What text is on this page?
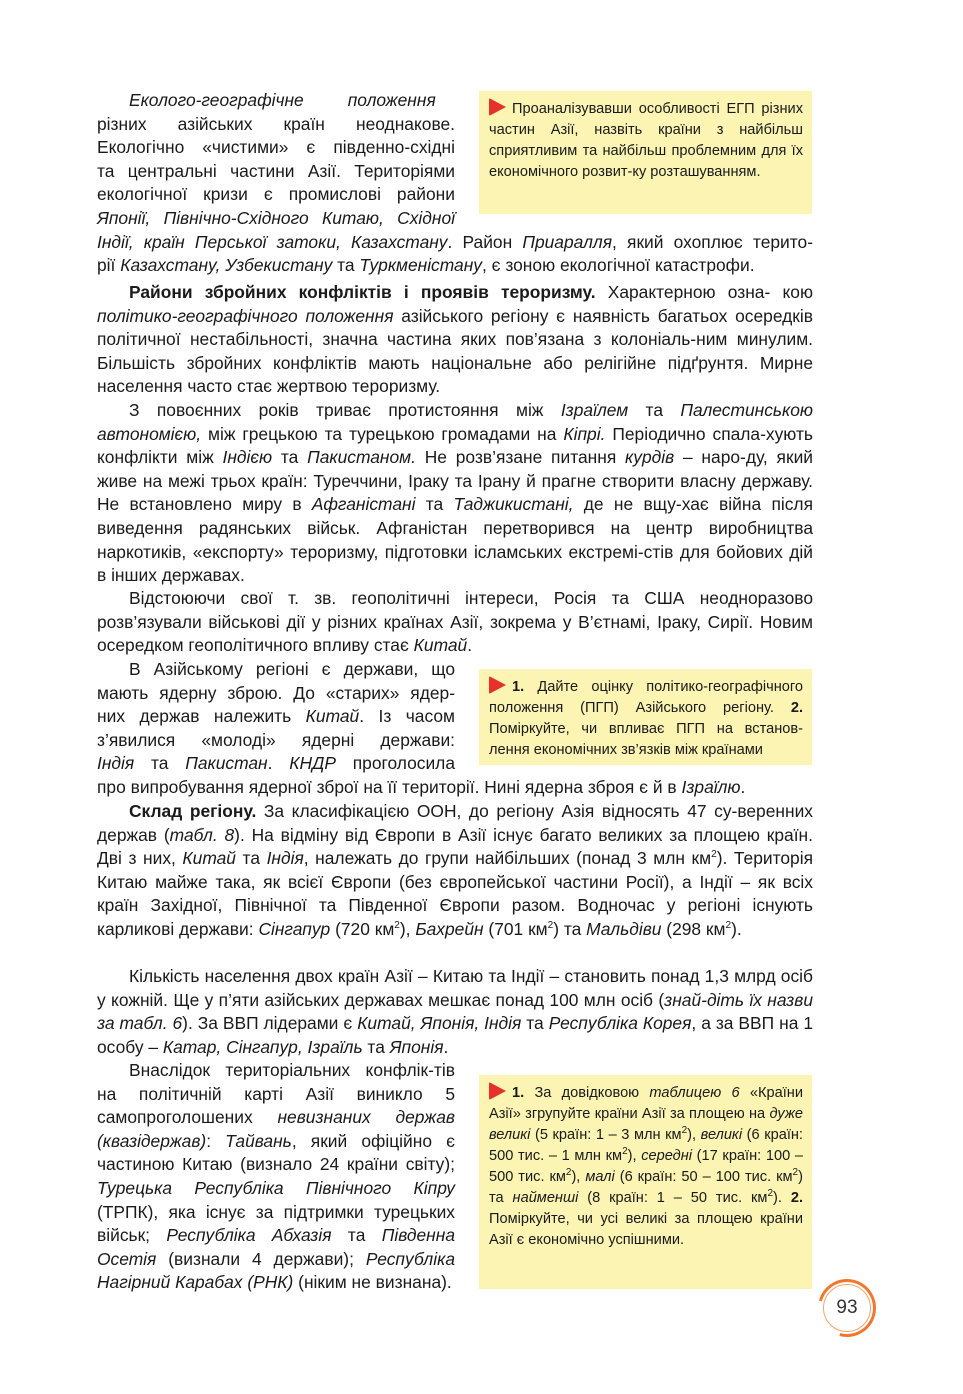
Еколого-географічне	положення

різних азійських країн неоднакове.

Екологічно «чистими» є південно-східні

та центральні частини Азії. Територіями

екологічної кризи є промислові райони

Японії, Північно-Східного Китаю, Східної

Індії, країн Перської затоки, Казахстану. Район Приаралля, який охоплює терито-

рії Казахстану, Узбекистану та Туркменістану, є зоною екологічної катастрофи.

Проаналізувавши особливості ЕГП різних частин Азії, назвіть країни з найбільш сприятливим та найбільш проблемним для їх економічного розвит-ку розташуванням.

Райони збройних конфліктів і проявів тероризму. Характерною озна- кою політико-географічного положення азійського регіону є наявність багатьох осередків політичної нестабільності, значна частина яких пов’язана з колоніаль-ним минулим. Більшість збройних конфліктів мають національне або релігійне підґрунтя. Мирне населення часто стає жертвою тероризму.

З повоєнних років триває протистояння між Ізраїлем та Палестинською автономією, між грецькою та турецькою громадами на Кіпрі. Періодично спала-хують конфлікти між Індією та Пакистаном. Не розв’язане питання курдів – наро-ду, який живе на межі трьох країн: Туреччини, Іраку та Ірану й прагне створити власну державу. Не встановлено миру в Афганістані та Таджикистані, де не вщу-хає війна після виведення радянських військ. Афганістан перетворився на центр виробництва наркотиків, «експорту» тероризму, підготовки ісламських екстремі-стів для бойових дій в інших державах.

Відстоюючи свої т. зв. геополітичні інтереси, Росія та США неодноразово розв’язували військові дії у різних країнах Азії, зокрема у В’єтнамі, Іраку, Сирії. Новим осередком геополітичного впливу стає Китай.

В Азійському регіоні є держави, що

мають ядерну зброю. До «старих» ядер-

них держав належить Китай. Із часом

з’явилися «молоді» ядерні держави:

Індія та Пакистан. КНДР проголосила

про випробування ядерної зброї на її території. Нині ядерна зброя є й в Ізраїлю.

1. Дайте оцінку політико-географічного положення (ПГП) Азійського регіону. 2. Поміркуйте, чи впливає ПГП на встанов-лення економічних зв’язків між країнами

Склад регіону. За класифікацією ООН, до регіону Азія відносять 47 су-веренних держав (табл. 8). На відміну від Європи в Азії існує багато великих за площею країн. Дві з них, Китай та Індія, належать до групи найбільших (понад 3 млн $км^2$). Територія Китаю майже така, як всієї Європи (без європейської частини Росії), а Індії – як всіх країн Західної, Північної та Південної Європи разом. Водночас у регіоні існують карликові держави: Сінгапур (720 $км^2$), Бахрейн (701 $км^2$) та Мальдіви (298 $км^2$).

Кількість населення двох країн Азії – Китаю та Індії – становить понад 1,3 млрд осіб у кожній. Ще у п’яти азійських державах мешкає понад 100 млн осіб (знай-діть їх назви за табл. 6). За ВВП лідерами є Китай, Японія, Індія та Республіка Корея, а за ВВП на 1 особу – Катар, Сінгапур, Ізраїль та Японія.

Внаслідок територіальних конфлік-тів на політичній карті Азії виникло 5 самопроголошених невизнаних держав (квазідержав): Тайвань, який офіційно є частиною Китаю (визнало 24 країни світу); Турецька Республіка Північного Кіпру (ТРПК), яка існує за підтримки турецьких військ; Республіка Абхазія та Південна Осетія (визнали 4 держави); Республіка Нагірний Карабах (РНК) (ніким не визнана).

1. За довідковою таблицею 6 «Країни Азії» згрупуйте країни Азії за площею на дуже великі (5 країн: 1 – 3 млн $км^2$), великі (6 країн: 500 тис. – 1 млн $км^2$), середні (17 країн: 100 – 500 тис. $км^2$), малі (6 країн: 50 – 100 тис. $км^2$) та найменші (8 країн: 1 – 50 тис. $км^2$). 2. Поміркуйте, чи усі великі за площею країни Азії є економічно успішними.

93
